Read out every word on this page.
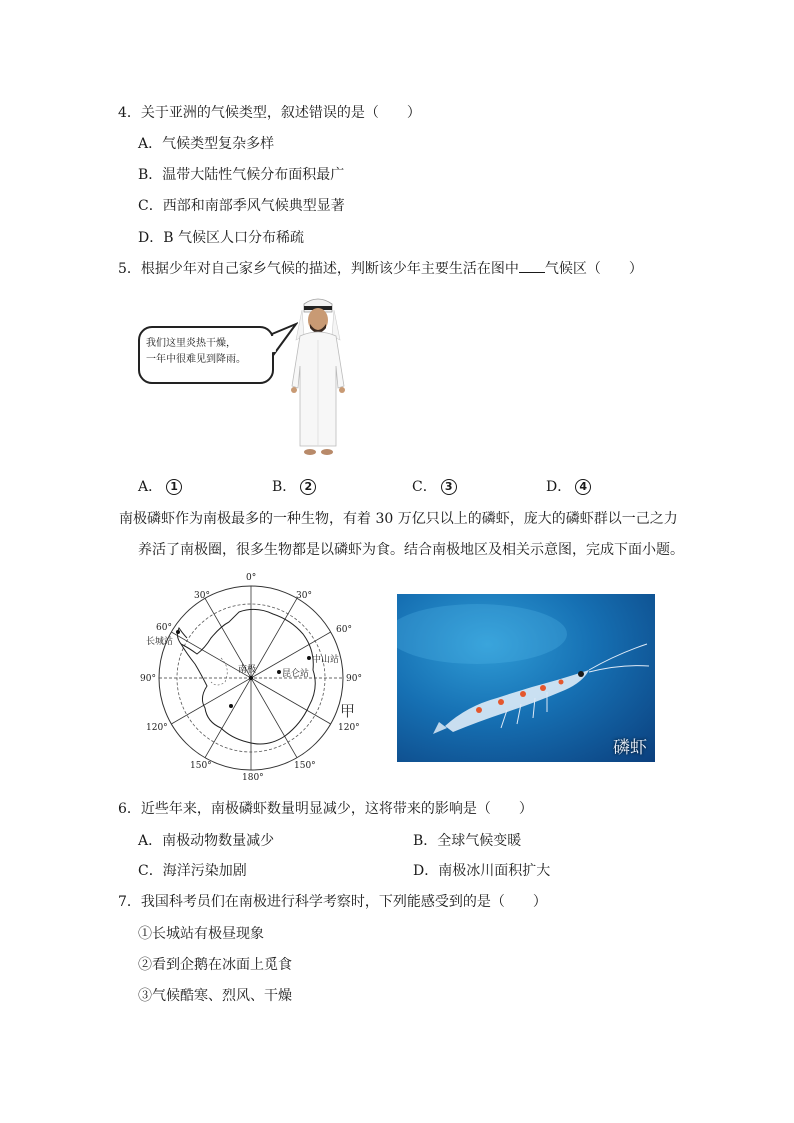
4．关于亚洲的气候类型，叙述错误的是（　　）
A．气候类型复杂多样
B．温带大陆性气候分布面积最广
C．西部和南部季风气候典型显著
D．B 气候区人口分布稀疏
5．根据少年对自己家乡气候的描述，判断该少年主要生活在图中 气候区（　　）
我们这里炎热干燥，
一年中很难见到降雨。
A． 1	B． 2	C． 3	D． 4
南极磷虾作为南极最多的一种生物，有着 30 万亿只以上的磷虾，庞大的磷虾群以一己之力
养活了南极圈，很多生物都是以磷虾为食。结合南极地区及相关示意图，完成下面小题。
0°
30°	30°
60°	60°
90°	90°
120°	120°
150°	150°
180°
长城站
中山站
南极	昆仑站
甲
磷虾
6．近些年来，南极磷虾数量明显减少，这将带来的影响是（　　）
A．南极动物数量减少	B．全球气候变暖
C．海洋污染加剧	D．南极冰川面积扩大
7．我国科考员们在南极进行科学考察时，下列能感受到的是（　　）
①长城站有极昼现象
②看到企鹅在冰面上觅食
③气候酷寒、烈风、干燥
